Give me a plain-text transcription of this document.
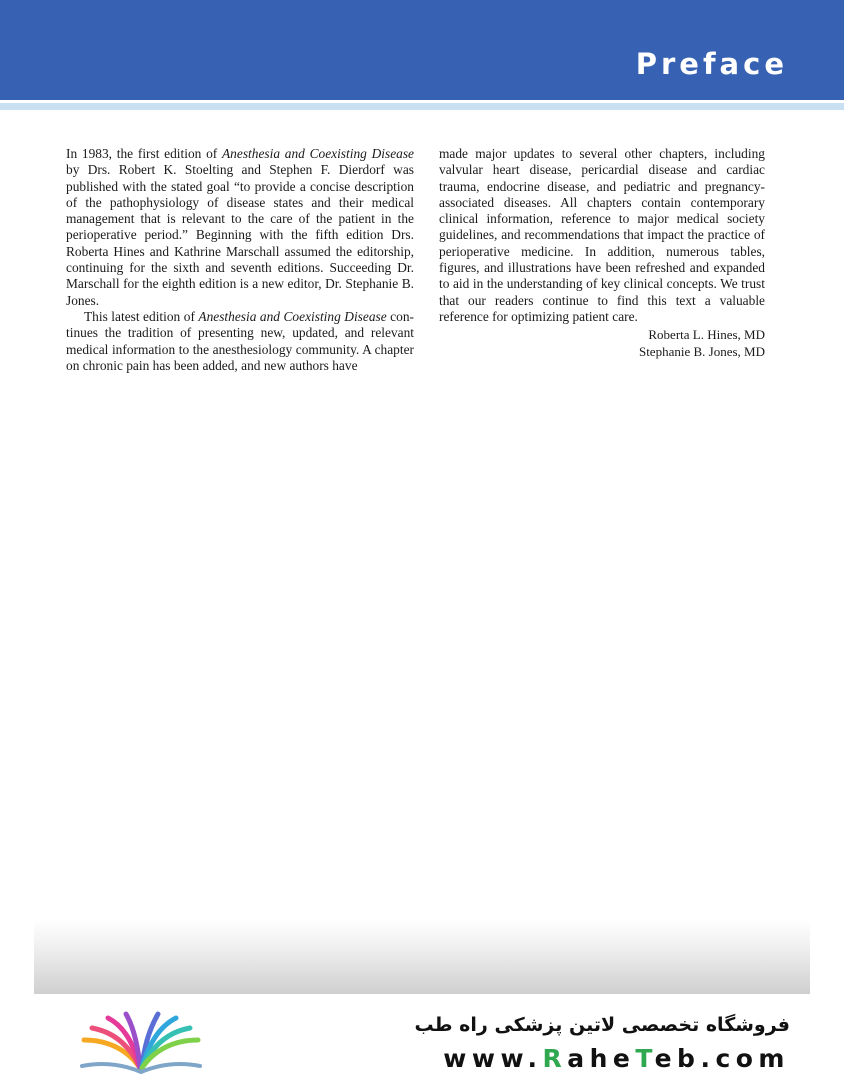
Preface

In 1983, the first edition of Anesthesia and Coexisting Disease by Drs. Robert K. Stoelting and Stephen F. Dierdorf was published with the stated goal “to provide a concise description of the pathophysiology of disease states and their medical management that is relevant to the care of the patient in the perioperative period.” Beginning with the fifth edition Drs. Roberta Hines and Kathrine Marschall assumed the editorship, continuing for the sixth and seventh editions. Succeeding Dr. Marschall for the eighth edition is a new editor, Dr. Stephanie B. Jones.

This latest edition of Anesthesia and Coexisting Disease continues the tradition of presenting new, updated, and relevant medical information to the anesthesiology community. A chapter on chronic pain has been added, and new authors have

made major updates to several other chapters, including valvular heart disease, pericardial disease and cardiac trauma, endocrine disease, and pediatric and pregnancy-associated diseases. All chapters contain contemporary clinical information, reference to major medical society guidelines, and recommendations that impact the practice of perioperative medicine. In addition, numerous tables, figures, and illustrations have been refreshed and expanded to aid in the understanding of key clinical concepts. We trust that our readers continue to find this text a valuable reference for optimizing patient care.

Roberta L. Hines, MD
Stephanie B. Jones, MD
فروشگاه تخصصی لاتین پزشکی راه طب
www.RaheTeb.com
